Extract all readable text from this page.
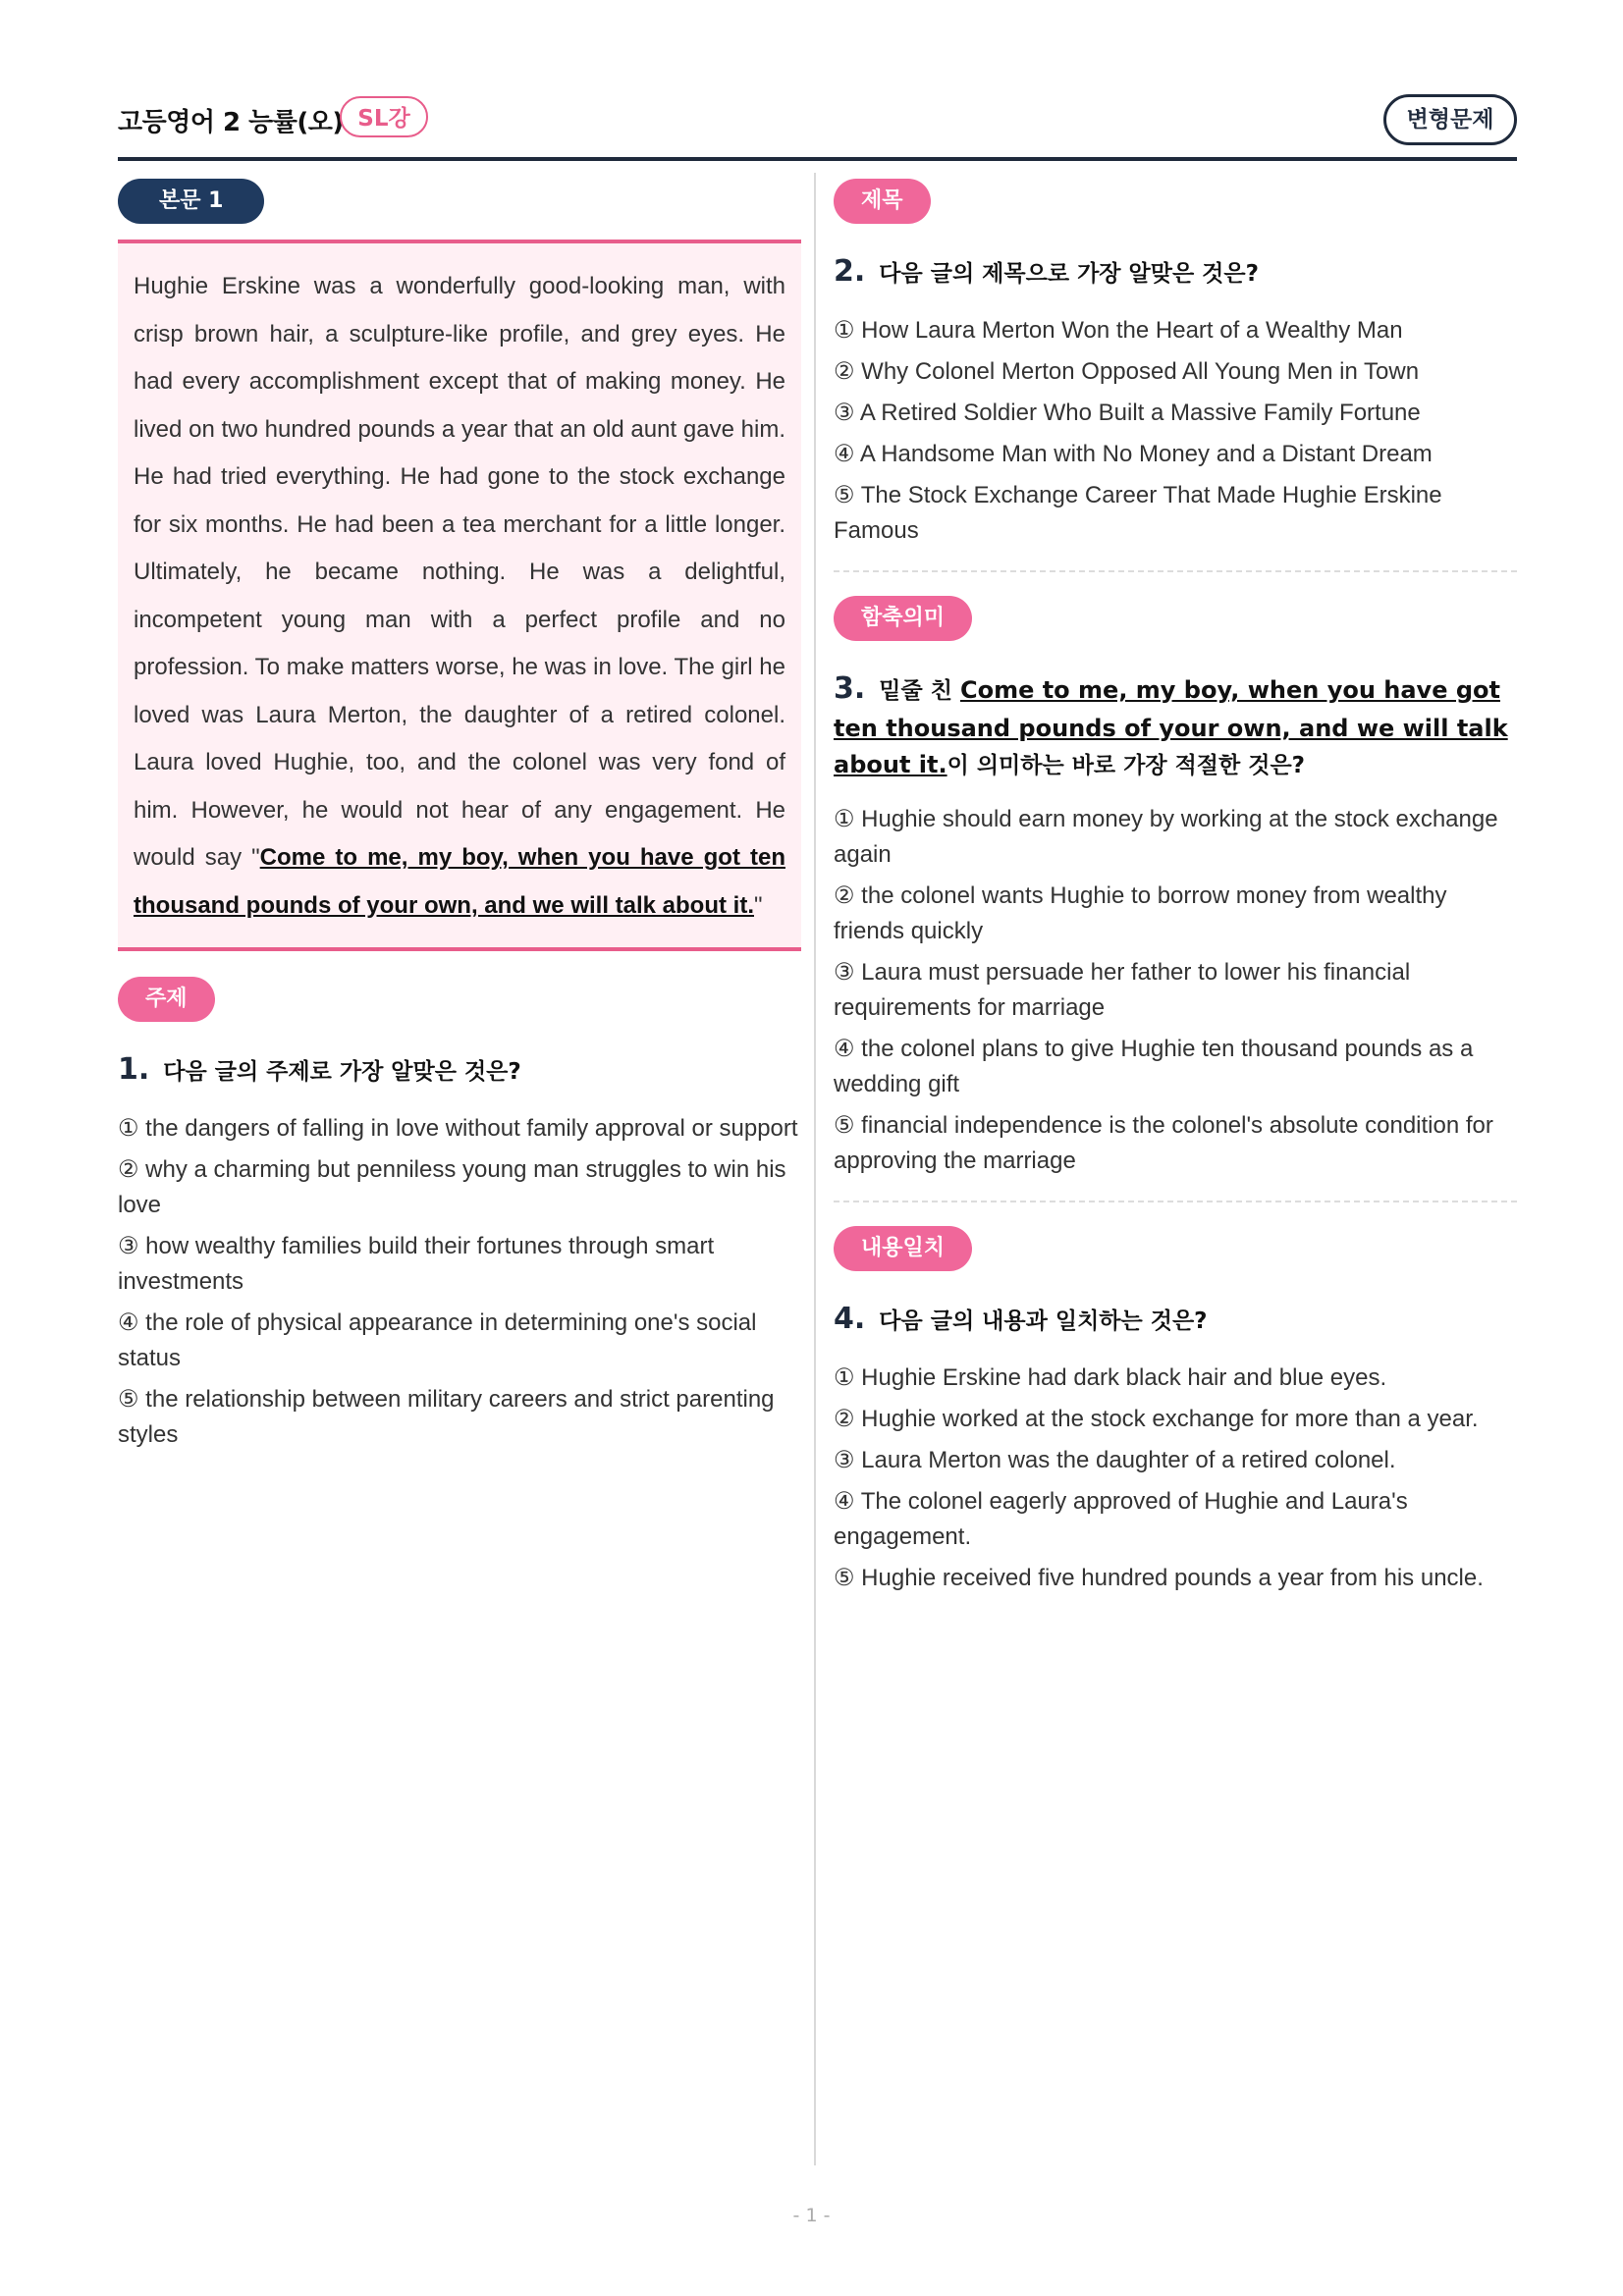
고등영어 2 능률(오) SL강	변형문제
본문 1
Hughie Erskine was a wonderfully good-looking man, with crisp brown hair, a sculpture-like profile, and grey eyes. He had every accomplishment except that of making money. He lived on two hundred pounds a year that an old aunt gave him. He had tried everything. He had gone to the stock exchange for six months. He had been a tea merchant for a little longer. Ultimately, he became nothing. He was a delightful, incompetent young man with a perfect profile and no profession. To make matters worse, he was in love. The girl he loved was Laura Merton, the daughter of a retired colonel. Laura loved Hughie, too, and the colonel was very fond of him. However, he would not hear of any engagement. He would say "Come to me, my boy, when you have got ten thousand pounds of your own, and we will talk about it."
주제
1. 다음 글의 주제로 가장 알맞은 것은?
① the dangers of falling in love without family approval or support
② why a charming but penniless young man struggles to win his love
③ how wealthy families build their fortunes through smart investments
④ the role of physical appearance in determining one's social status
⑤ the relationship between military careers and strict parenting styles
제목
2. 다음 글의 제목으로 가장 알맞은 것은?
① How Laura Merton Won the Heart of a Wealthy Man
② Why Colonel Merton Opposed All Young Men in Town
③ A Retired Soldier Who Built a Massive Family Fortune
④ A Handsome Man with No Money and a Distant Dream
⑤ The Stock Exchange Career That Made Hughie Erskine Famous
함축의미
3. 밑줄 친 Come to me, my boy, when you have got ten thousand pounds of your own, and we will talk about it.이 의미하는 바로 가장 적절한 것은?
① Hughie should earn money by working at the stock exchange again
② the colonel wants Hughie to borrow money from wealthy friends quickly
③ Laura must persuade her father to lower his financial requirements for marriage
④ the colonel plans to give Hughie ten thousand pounds as a wedding gift
⑤ financial independence is the colonel's absolute condition for approving the marriage
내용일치
4. 다음 글의 내용과 일치하는 것은?
① Hughie Erskine had dark black hair and blue eyes.
② Hughie worked at the stock exchange for more than a year.
③ Laura Merton was the daughter of a retired colonel.
④ The colonel eagerly approved of Hughie and Laura's engagement.
⑤ Hughie received five hundred pounds a year from his uncle.
- 1 -
